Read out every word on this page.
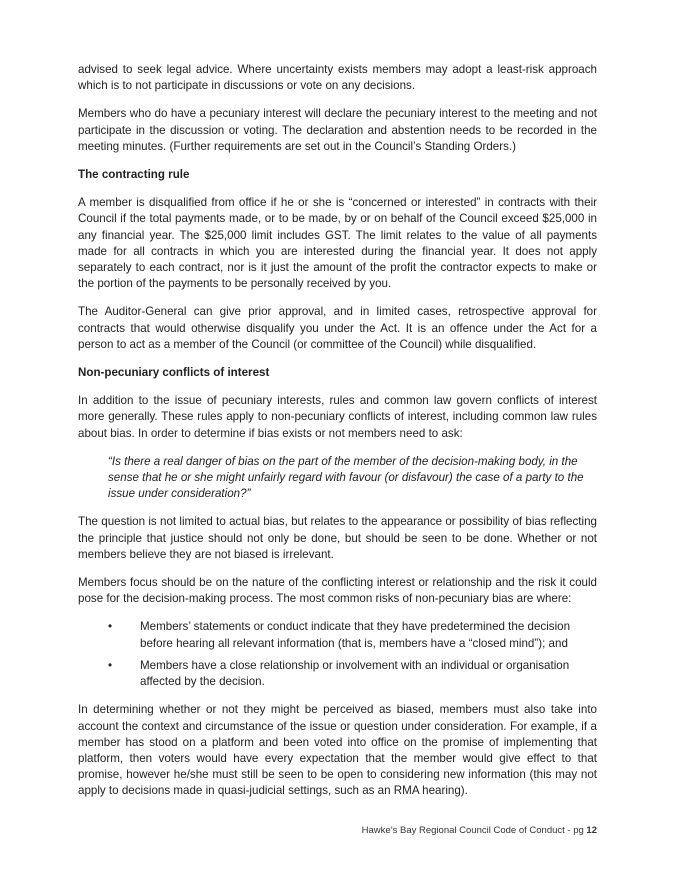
advised to seek legal advice. Where uncertainty exists members may adopt a least-risk approach which is to not participate in discussions or vote on any decisions.

Members who do have a pecuniary interest will declare the pecuniary interest to the meeting and not participate in the discussion or voting. The declaration and abstention needs to be recorded in the meeting minutes. (Further requirements are set out in the Council’s Standing Orders.)

The contracting rule

A member is disqualified from office if he or she is “concerned or interested” in contracts with their Council if the total payments made, or to be made, by or on behalf of the Council exceed $25,000 in any financial year. The $25,000 limit includes GST. The limit relates to the value of all payments made for all contracts in which you are interested during the financial year. It does not apply separately to each contract, nor is it just the amount of the profit the contractor expects to make or the portion of the payments to be personally received by you.

The Auditor-General can give prior approval, and in limited cases, retrospective approval for contracts that would otherwise disqualify you under the Act. It is an offence under the Act for a person to act as a member of the Council (or committee of the Council) while disqualified.

Non-pecuniary conflicts of interest

In addition to the issue of pecuniary interests, rules and common law govern conflicts of interest more generally. These rules apply to non-pecuniary conflicts of interest, including common law rules about bias. In order to determine if bias exists or not members need to ask:

“Is there a real danger of bias on the part of the member of the decision-making body, in the sense that he or she might unfairly regard with favour (or disfavour) the case of a party to the issue under consideration?”

The question is not limited to actual bias, but relates to the appearance or possibility of bias reflecting the principle that justice should not only be done, but should be seen to be done. Whether or not members believe they are not biased is irrelevant.

Members focus should be on the nature of the conflicting interest or relationship and the risk it could pose for the decision-making process. The most common risks of non-pecuniary bias are where:

• Members’ statements or conduct indicate that they have predetermined the decision before hearing all relevant information (that is, members have a “closed mind”); and
• Members have a close relationship or involvement with an individual or organisation affected by the decision.

In determining whether or not they might be perceived as biased, members must also take into account the context and circumstance of the issue or question under consideration. For example, if a member has stood on a platform and been voted into office on the promise of implementing that platform, then voters would have every expectation that the member would give effect to that promise, however he/she must still be seen to be open to considering new information (this may not apply to decisions made in quasi-judicial settings, such as an RMA hearing).

Hawke’s Bay Regional Council Code of Conduct - pg 12
